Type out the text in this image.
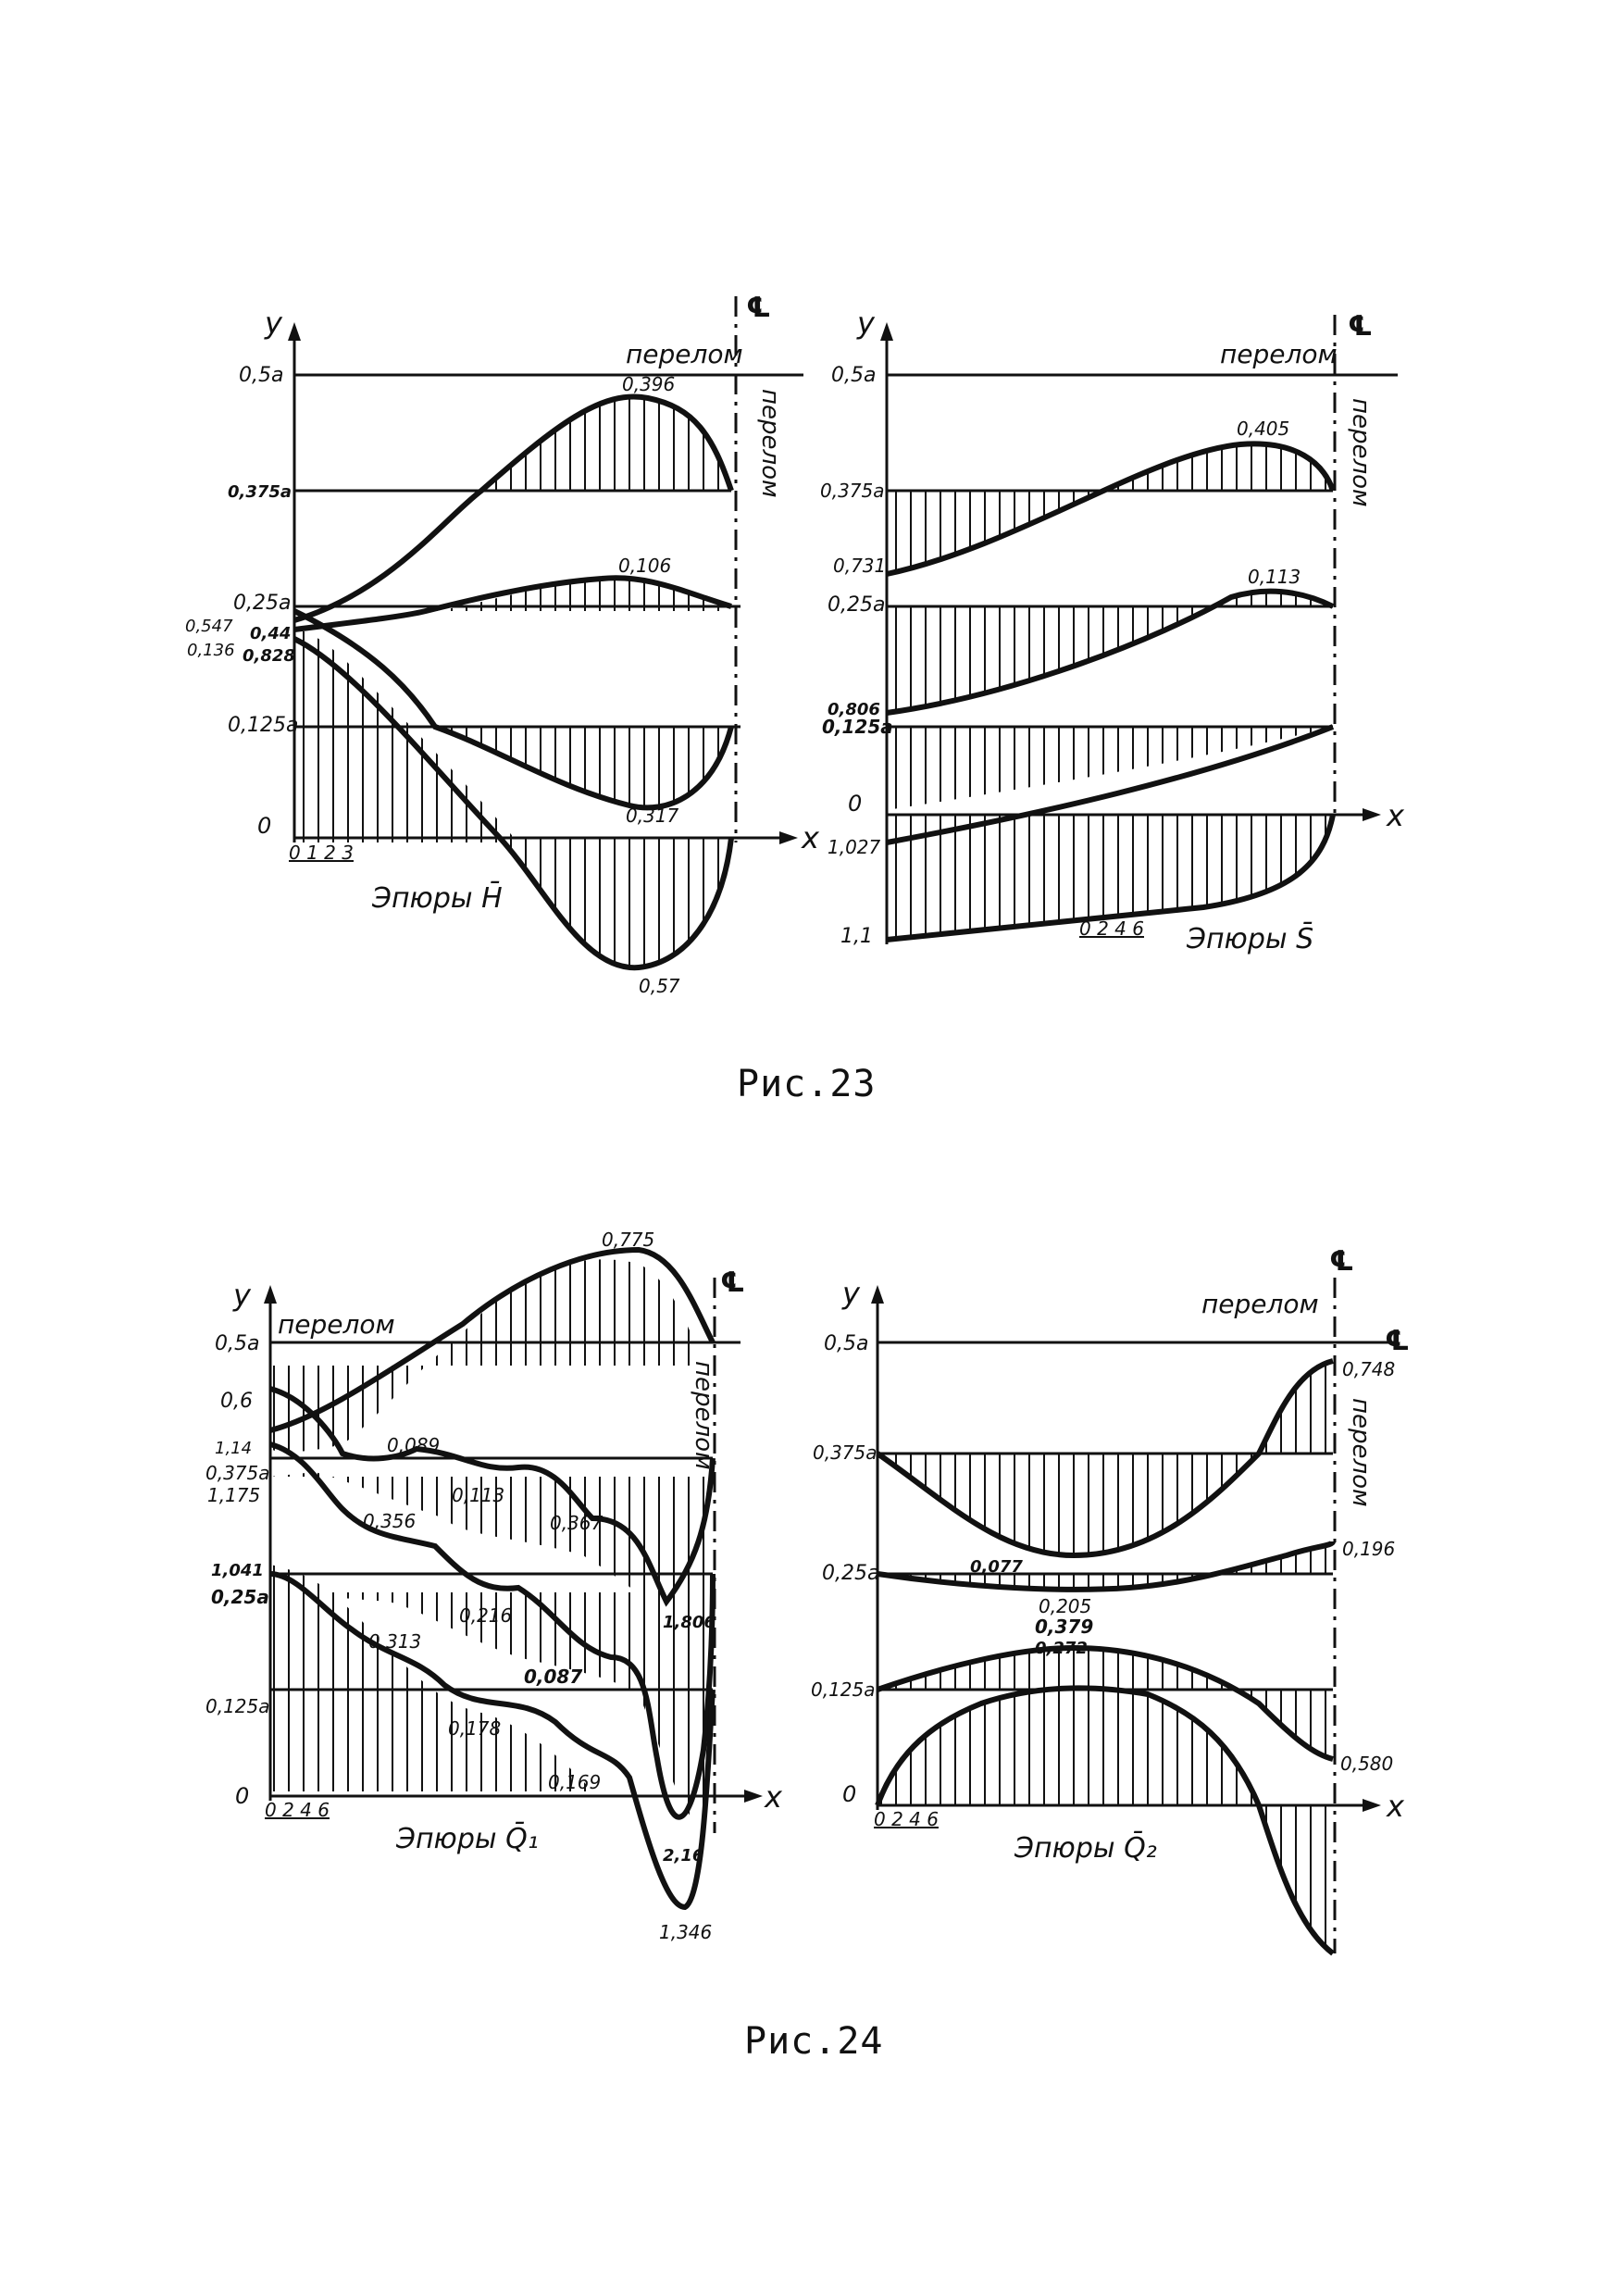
y
x
℄
перелом
перелом
0,5a
0,375a
0,25a
0,125a
0
0,396
0,106
0,317
0,57
0,547 0,44
0,136 0,828
0 1 2 3
Эпюры H̄
y
x
℄
перелом
перелом
0,5a
0,375a
0,25a
0,125a
0
0,405
0,731	0,113
0,806
1,027
1,1	0 2 4 6 Эпюры S̄
Рис.23
y
x
℄
перелом
перелом
0,5a
0,375a
0,25a
0,125a
0
0,775
0,6
1,14
1,175
1,041
0,089
0,113
0,367
0,356
0,216
0,313
0,087
0,178
0,169
1,806
2,16
1,346
0 2 4 6
Эпюры Q̄₁
y
x
℄
℄
перелом
перелом
0,5a
0,375a
0,25a
0,125a
0
0,748
0,077
0,196
0,205
0,379
0,272
0,580
0 2 4 6
Эпюры Q̄₂
Рис.24
